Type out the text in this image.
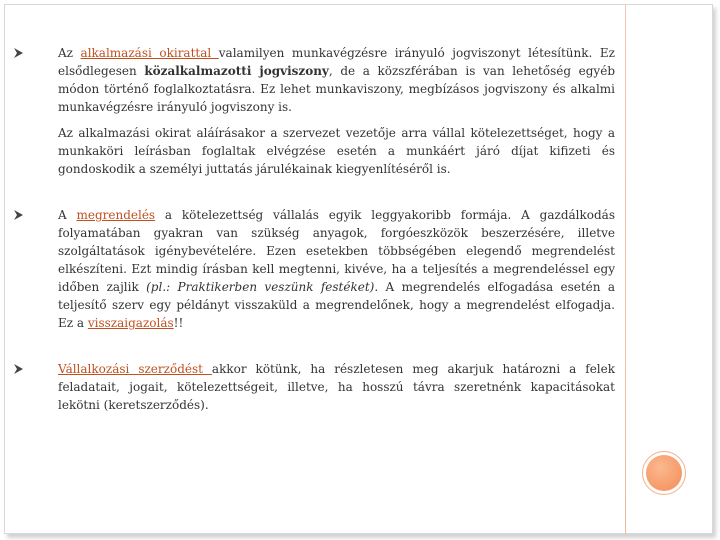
Az alkalmazási okirattal valamilyen munkavégzésre irányuló jogviszonyt létesítünk. Ez elsődlegesen közalkalmazotti jogviszony, de a közszférában is van lehetőség egyéb módon történő foglalkoztatásra. Ez lehet munkaviszony, megbízásos jogviszony és alkalmi munkavégzésre irányuló jogviszony is.

Az alkalmazási okirat aláírásakor a szervezet vezetője arra vállal kötelezettséget, hogy a munkaköri leírásban foglaltak elvégzése esetén a munkáért járó díjat kifizeti és gondoskodik a személyi juttatás járulékainak kiegyenlítéséről is.

A megrendelés a kötelezettség vállalás egyik leggyakoribb formája. A gazdálkodás folyamatában gyakran van szükség anyagok, forgóeszközök beszerzésére, illetve szolgáltatások igénybevételére. Ezen esetekben többségében elegendő megrendelést elkészíteni. Ezt mindig írásban kell megtenni, kivéve, ha a teljesítés a megrendeléssel egy időben zajlik (pl.: Praktikerben veszünk festéket). A megrendelés elfogadása esetén a teljesítő szerv egy példányt visszaküld a megrendelőnek, hogy a megrendelést elfogadja. Ez a visszaigazolás!!

Vállalkozási szerződést akkor kötünk, ha részletesen meg akarjuk határozni a felek feladatait, jogait, kötelezettségeit, illetve, ha hosszú távra szeretnénk kapacitásokat lekötni (keretszerződés).
